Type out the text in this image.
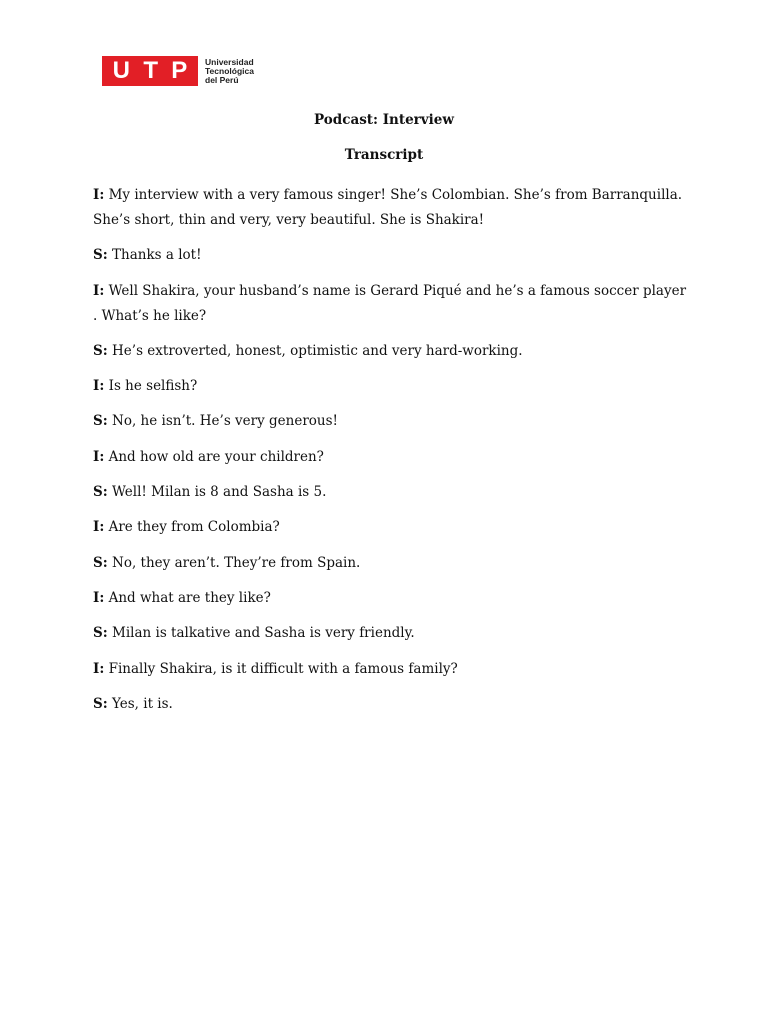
U T P Universidad
Tecnológica
del Perú
Podcast: Interview
Transcript

I: My interview with a very famous singer! She’s Colombian. She’s from Barranquilla. She’s short, thin and very, very beautiful. She is Shakira!

S: Thanks a lot!

I: Well Shakira, your husband’s name is Gerard Piqué and he’s a famous soccer player . What’s he like?

S: He’s extroverted, honest, optimistic and very hard-working.

I: Is he selfish?

S: No, he isn’t. He’s very generous!

I: And how old are your children?

S: Well! Milan is 8 and Sasha is 5.

I: Are they from Colombia?

S: No, they aren’t. They’re from Spain.

I: And what are they like?

S: Milan is talkative and Sasha is very friendly.

I: Finally Shakira, is it difficult with a famous family?

S: Yes, it is.
